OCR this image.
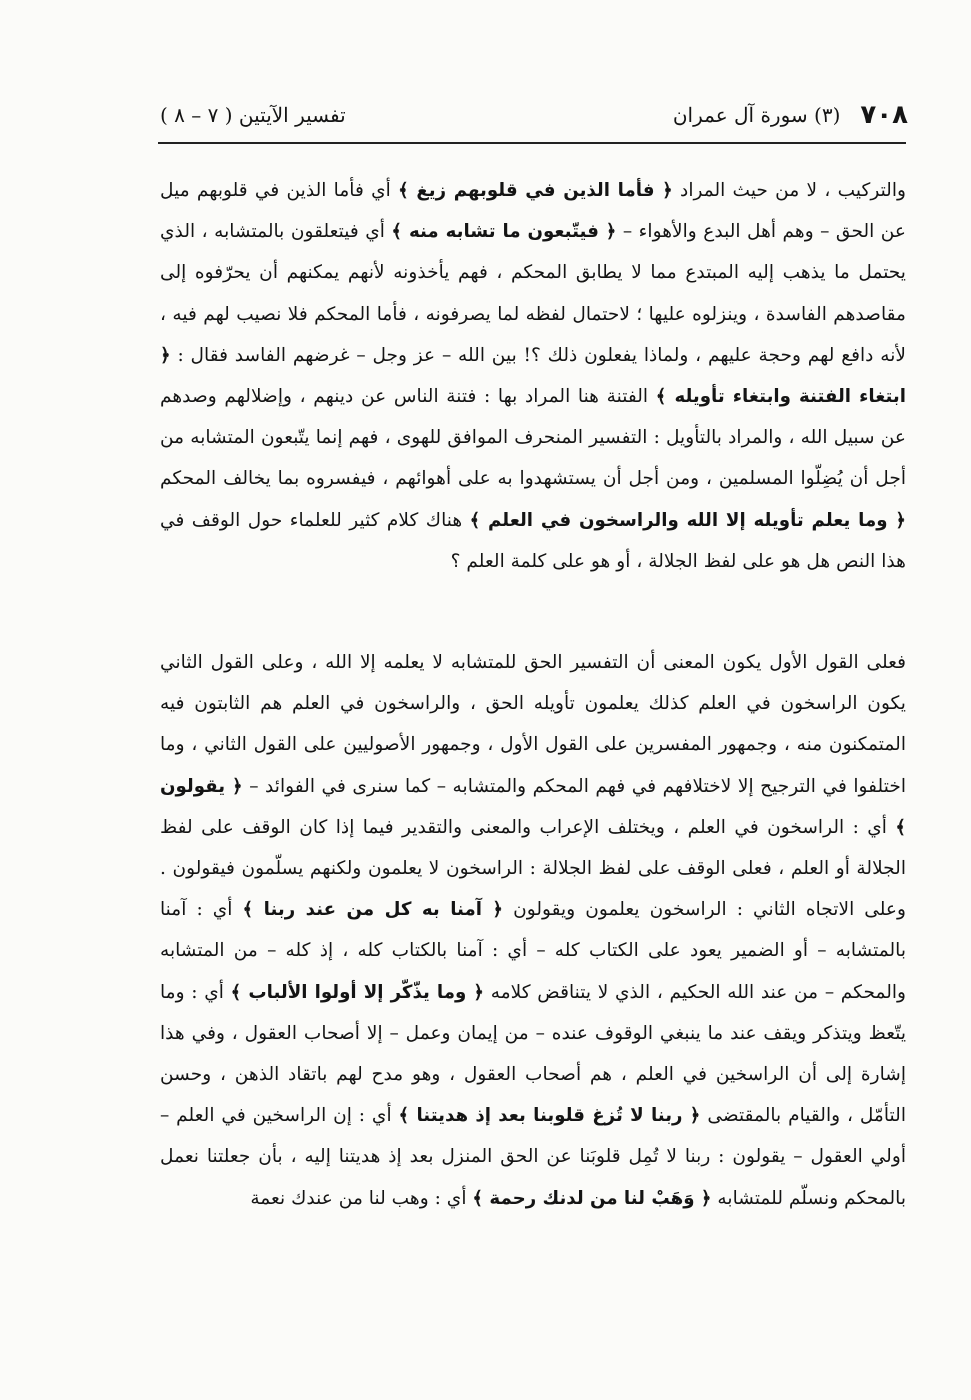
٧٠٨
(٣) سورة آل عمران
تفسير الآيتين ( ٧ – ٨ )

والتركيب ، لا من حيث المراد ﴿ فأما الذين في قلوبهم زيغ ﴾ أي فأما الذين في قلوبهم ميل عن الحق – وهم أهل البدع والأهواء – ﴿ فيتّبعون ما تشابه منه ﴾ أي فيتعلقون بالمتشابه ، الذي يحتمل ما يذهب إليه المبتدع مما لا يطابق المحكم ، فهم يأخذونه لأنهم يمكنهم أن يحرّفوه إلى مقاصدهم الفاسدة ، وينزلوه عليها ؛ لاحتمال لفظه لما يصرفونه ، فأما المحكم فلا نصيب لهم فيه ، لأنه دافع لهم وحجة عليهم ، ولماذا يفعلون ذلك ؟! بين الله – عز وجل – غرضهم الفاسد فقال : ﴿ ابتغاء الفتنة وابتغاء تأويله ﴾ الفتنة هنا المراد بها : فتنة الناس عن دينهم ، وإضلالهم وصدهم عن سبيل الله ، والمراد بالتأويل : التفسير المنحرف الموافق للهوى ، فهم إنما يتّبعون المتشابه من أجل أن يُضِلّوا المسلمين ، ومن أجل أن يستشهدوا به على أهوائهم ، فيفسروه بما يخالف المحكم ﴿ وما يعلم تأويله إلا الله والراسخون في العلم ﴾ هناك كلام كثير للعلماء حول الوقف في هذا النص هل هو على لفظ الجلالة ، أو هو على كلمة العلم ؟

فعلى القول الأول يكون المعنى أن التفسير الحق للمتشابه لا يعلمه إلا الله ، وعلى القول الثاني يكون الراسخون في العلم كذلك يعلمون تأويله الحق ، والراسخون في العلم هم الثابتون فيه المتمكنون منه ، وجمهور المفسرين على القول الأول ، وجمهور الأصوليين على القول الثاني ، وما اختلفوا في الترجيح إلا لاختلافهم في فهم المحكم والمتشابه – كما سنرى في الفوائد – ﴿ يقولون ﴾ أي : الراسخون في العلم ، ويختلف الإعراب والمعنى والتقدير فيما إذا كان الوقف على لفظ الجلالة أو العلم ، فعلى الوقف على لفظ الجلالة : الراسخون لا يعلمون ولكنهم يسلّمون فيقولون . وعلى الاتجاه الثاني : الراسخون يعلمون ويقولون ﴿ آمنا به كل من عند ربنا ﴾ أي : آمنا بالمتشابه – أو الضمير يعود على الكتاب كله – أي : آمنا بالكتاب كله ، إذ كله – من المتشابه والمحكم – من عند الله الحكيم ، الذي لا يتناقض كلامه ﴿ وما يذّكّر إلا أولوا الألباب ﴾ أي : وما يتّعظ ويتذكر ويقف عند ما ينبغي الوقوف عنده – من إيمان وعمل – إلا أصحاب العقول ، وفي هذا إشارة إلى أن الراسخين في العلم ، هم أصحاب العقول ، وهو مدح لهم باتقاد الذهن ، وحسن التأمّل ، والقيام بالمقتضى ﴿ ربنا لا تُزغ قلوبنا بعد إذ هديتنا ﴾ أي : إن الراسخين في العلم – أولي العقول – يقولون : ربنا لا تُمِل قلوبَنا عن الحق المنزل بعد إذ هديتنا إليه ، بأن جعلتنا نعمل بالمحكم ونسلّم للمتشابه ﴿ وَهَبْ لنا من لدنك رحمة ﴾ أي : وهب لنا من عندك نعمة
